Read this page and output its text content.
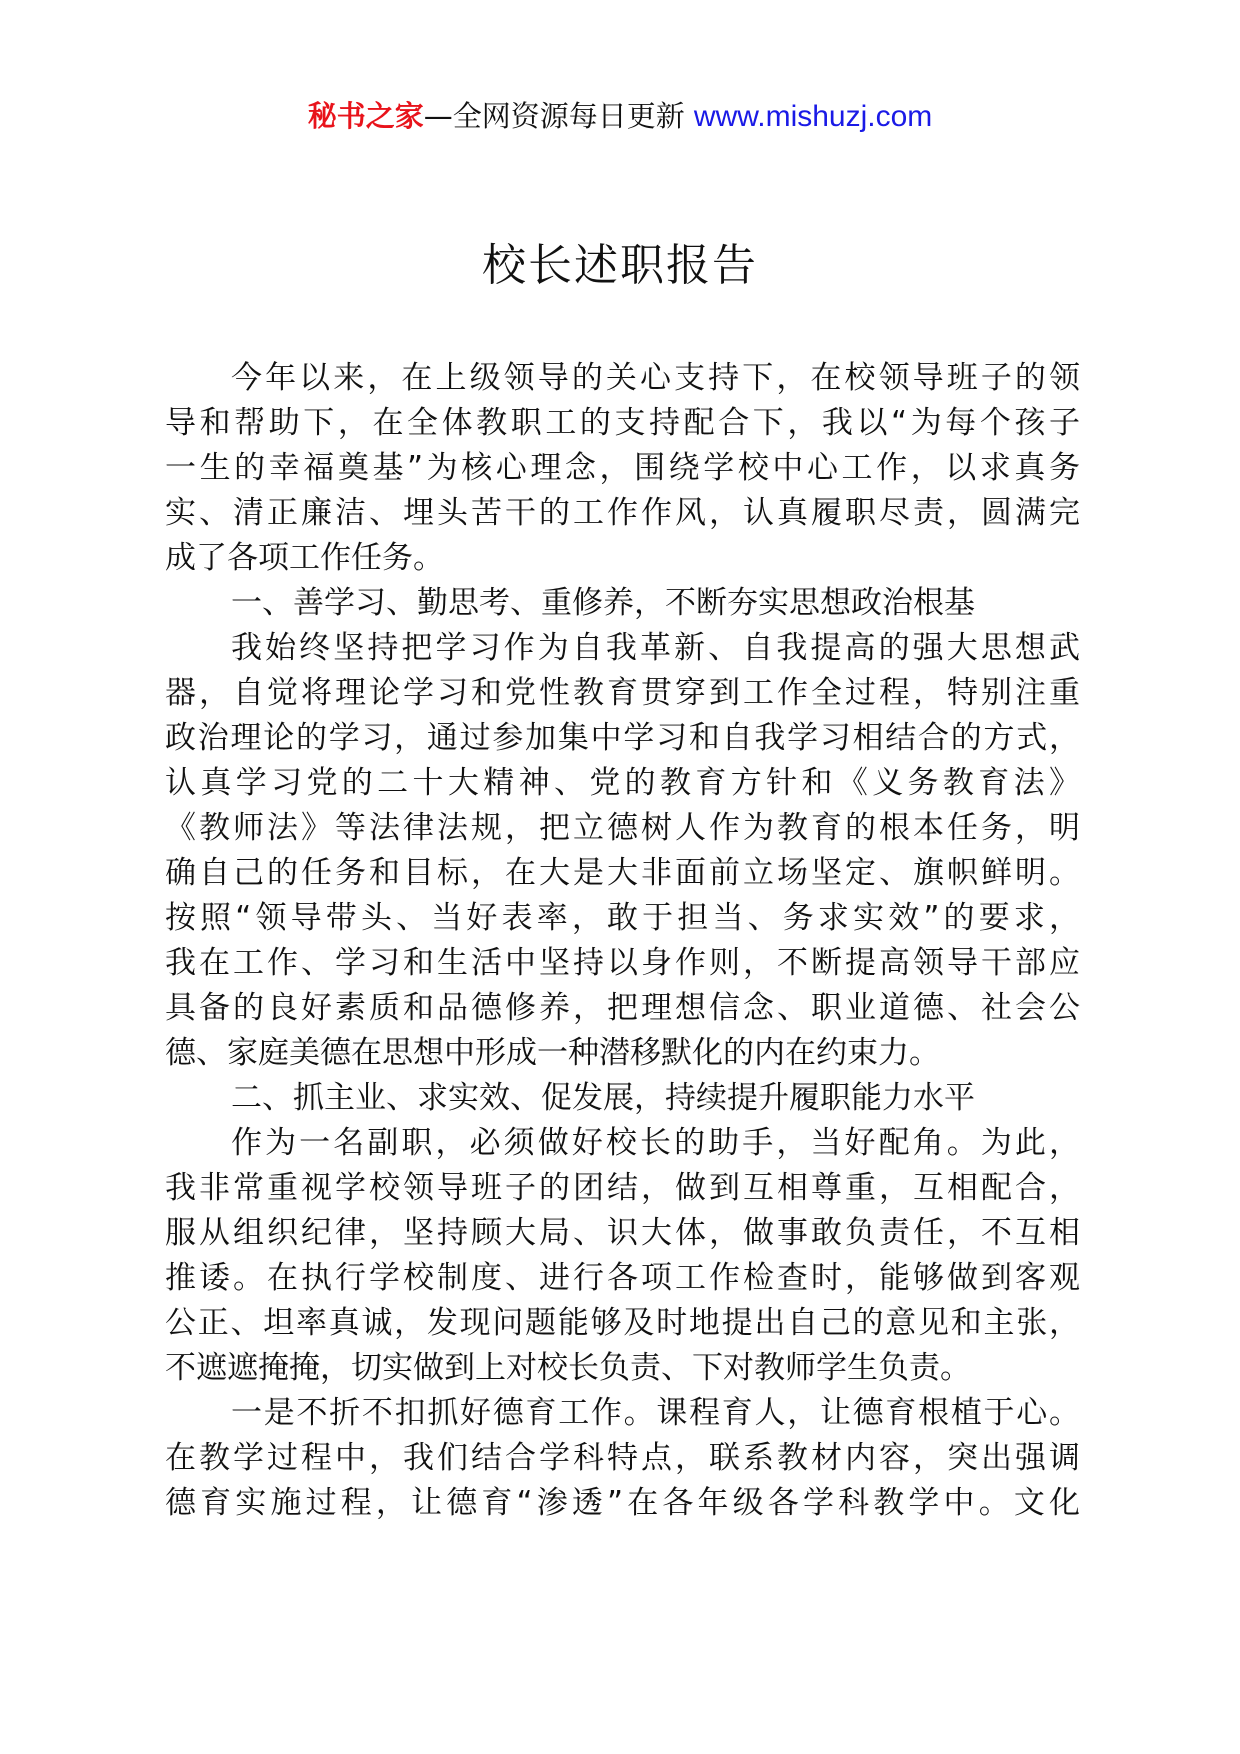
秘书之家—全网资源每日更新 www.mishuzj.com
校长述职报告
今年以来，在上级领导的关心支持下，在校领导班子的领
导和帮助下，在全体教职工的支持配合下，我以“为每个孩子
一生的幸福奠基”为核心理念，围绕学校中心工作，以求真务
实、清正廉洁、埋头苦干的工作作风，认真履职尽责，圆满完
成了各项工作任务。
一、善学习、勤思考、重修养，不断夯实思想政治根基
我始终坚持把学习作为自我革新、自我提高的强大思想武
器，自觉将理论学习和党性教育贯穿到工作全过程，特别注重
政治理论的学习，通过参加集中学习和自我学习相结合的方式，
认真学习党的二十大精神、党的教育方针和《义务教育法》
《教师法》等法律法规，把立德树人作为教育的根本任务，明
确自己的任务和目标，在大是大非面前立场坚定、旗帜鲜明。
按照“领导带头、当好表率，敢于担当、务求实效”的要求，
我在工作、学习和生活中坚持以身作则，不断提高领导干部应
具备的良好素质和品德修养，把理想信念、职业道德、社会公
德、家庭美德在思想中形成一种潜移默化的内在约束力。
二、抓主业、求实效、促发展，持续提升履职能力水平
作为一名副职，必须做好校长的助手，当好配角。为此，
我非常重视学校领导班子的团结，做到互相尊重，互相配合，
服从组织纪律，坚持顾大局、识大体，做事敢负责任，不互相
推诿。在执行学校制度、进行各项工作检查时，能够做到客观
公正、坦率真诚，发现问题能够及时地提出自己的意见和主张，
不遮遮掩掩，切实做到上对校长负责、下对教师学生负责。
一是不折不扣抓好德育工作。课程育人，让德育根植于心。
在教学过程中，我们结合学科特点，联系教材内容，突出强调
德育实施过程，让德育“渗透”在各年级各学科教学中。文化
